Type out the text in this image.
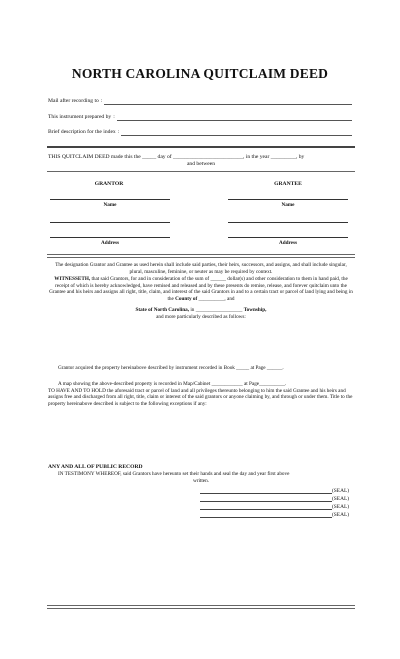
NORTH CAROLINA QUITCLAIM DEED
Mail after recording to :
This instrument prepared by :
Brief description for the index :
THIS QUITCLAIM DEED made this the _____ day of _________________________, in the year _________, by
and between
GRANTOR	GRANTEE
Name	Name
Address	Address
The designation Grantor and Grantee as used herein shall include said parties, their heirs, successors, and assigns, and shall include singular, plural, masculine, feminine, or neuter as may be required by context.
WITNESSETH, that said Grantors, for and in consideration of the sum of ______ dollar(s) and other consideration to them in hand paid, the receipt of which is hereby acknowledged, have remised and released and by these presents do remise, release, and forever quitclaim unto the Grantee and his heirs and assigns all right, title, claim, and interest of the said Grantors in and to a certain tract or parcel of land lying and being in the County of __________, and
State of North Carolina, in __________________ Township,
and more particularly described as follows:
Grantor acquired the property hereinabove described by instrument recorded in Book _____ at Page ______.
A map showing the above-described property is recorded in Map/Cabinet ____________ at Page__________.
TO HAVE AND TO HOLD the aforesaid tract or parcel of land and all privileges thereunto belonging to him the said Grantee and his heirs and assigns free and discharged from all right, title, claim or interest of the said grantors or anyone claiming by, and through or under them. Title to the property hereinabove described is subject to the following exceptions if any:
ANY AND ALL OF PUBLIC RECORD
IN TESTIMONY WHEREOF, said Grantors have hereunto set their hands and seal the day and year first above
written.
(SEAL)
(SEAL)
(SEAL)
(SEAL)
